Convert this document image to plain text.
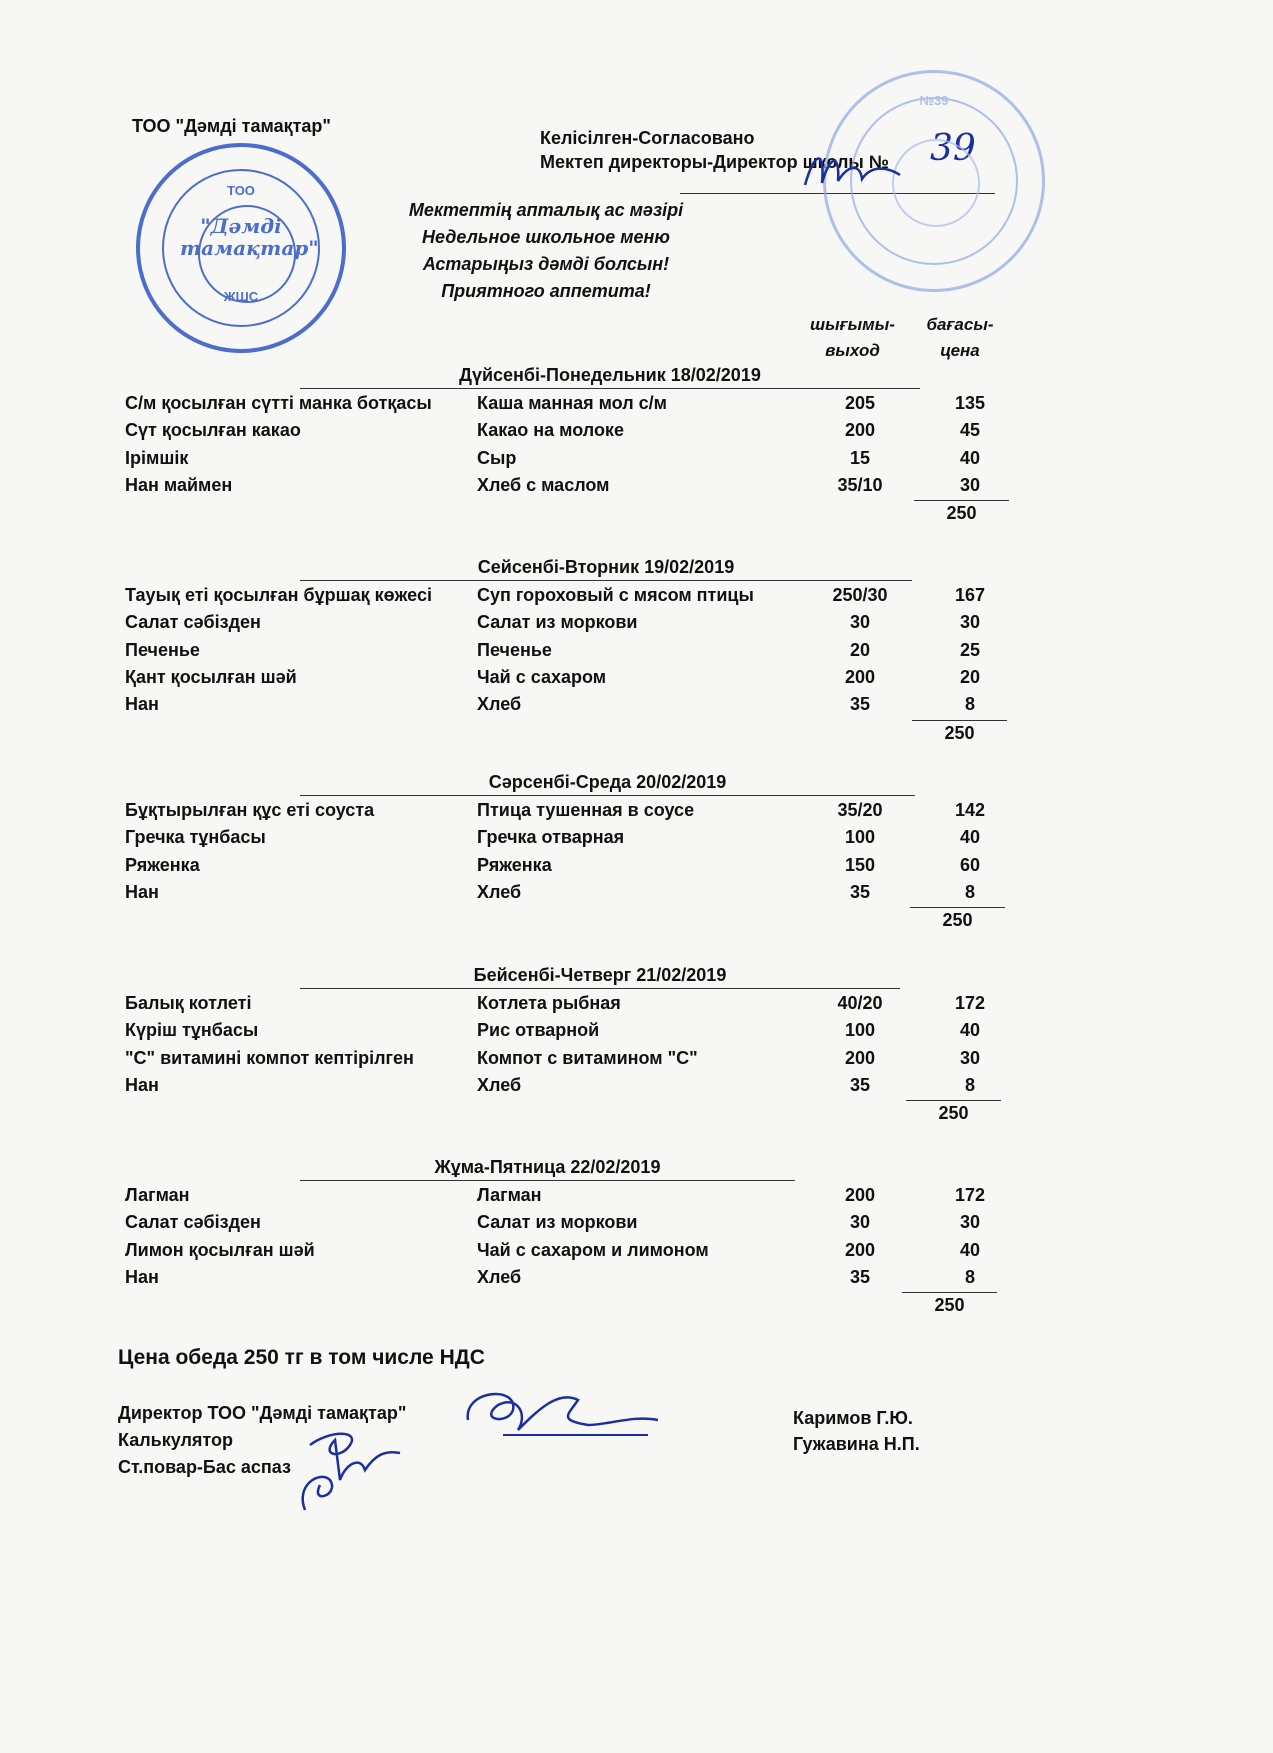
ТОО "Дәмді тамақтар"
Келісілген-Согласовано
Мектеп директоры-Директор школы № 39
Мектептің апталық ас мәзірі
Недельное школьное меню
Астарыңыз дәмді болсын!
Приятного аппетита!
шығымы-
выход
бағасы-
цена
Дүйсенбі-Понедельник 18/02/2019
С/м қосылған сүтті манка ботқасы	Каша манная мол с/м	205	135
Сүт қосылған какао	Какао на молоке	200	45
Ірімшік	Сыр	15	40
Нан маймен	Хлеб с маслом	35/10	30
250
Сейсенбі-Вторник 19/02/2019
Тауық еті қосылған бұршақ көжесі	Суп гороховый с мясом птицы	250/30	167
Салат сәбізден	Салат из моркови	30	30
Печенье	Печенье	20	25
Қант қосылған шәй	Чай с сахаром	200	20
Нан	Хлеб	35	8
250
Сәрсенбі-Среда 20/02/2019
Бұқтырылған құс еті соуста	Птица тушенная в соусе	35/20	142
Гречка тұнбасы	Гречка отварная	100	40
Ряженка	Ряженка	150	60
Нан	Хлеб	35	8
250
Бейсенбі-Четверг 21/02/2019
Балық котлеті	Котлета рыбная	40/20	172
Күріш тұнбасы	Рис отварной	100	40
"С" витамині компот кептірілген	Компот с витамином "С"	200	30
Нан	Хлеб	35	8
250
Жұма-Пятница 22/02/2019
Лагман	Лагман	200	172
Салат сәбізден	Салат из моркови	30	30
Лимон қосылған шәй	Чай с сахаром и лимоном	200	40
Нан	Хлеб	35	8
250
Цена обеда 250 тг в том числе НДС
Директор ТОО "Дәмді тамақтар"
Калькулятор
Ст.повар-Бас аспаз
Каримов Г.Ю.
Гужавина Н.П.
ТОО
"Дәмді тамақтар"
ЖШС
№39
